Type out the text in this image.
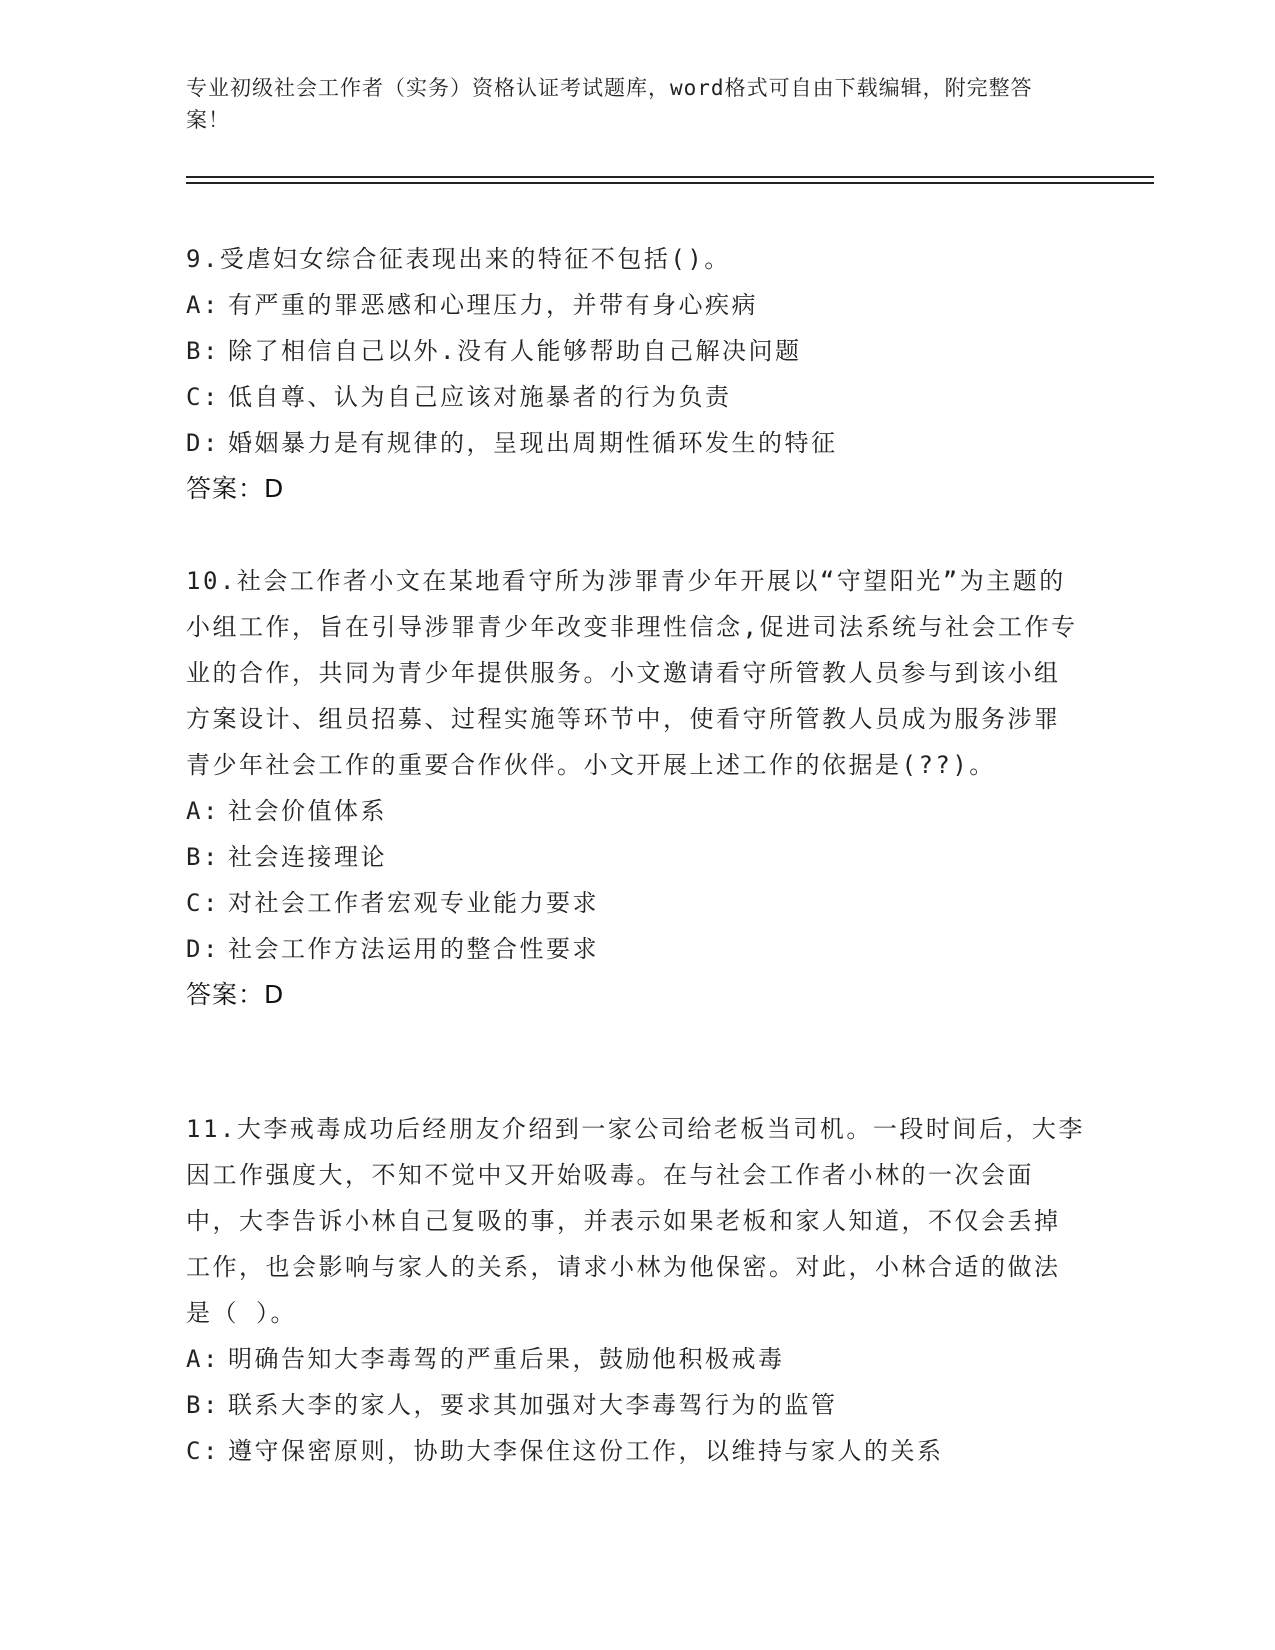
专业初级社会工作者（实务）资格认证考试题库，word格式可自由下载编辑，附完整答案！

9.受虐妇女综合征表现出来的特征不包括()。

A: 有严重的罪恶感和心理压力，并带有身心疾病

B: 除了相信自己以外.没有人能够帮助自己解决问题

C: 低自尊、认为自己应该对施暴者的行为负责

D: 婚姻暴力是有规律的，呈现出周期性循环发生的特征

答案：D

10.社会工作者小文在某地看守所为涉罪青少年开展以“守望阳光”为主题的小组工作，旨在引导涉罪青少年改变非理性信念,促进司法系统与社会工作专业的合作，共同为青少年提供服务。小文邀请看守所管教人员参与到该小组方案设计、组员招募、过程实施等环节中，使看守所管教人员成为服务涉罪青少年社会工作的重要合作伙伴。小文开展上述工作的依据是(??)。

A: 社会价值体系

B: 社会连接理论

C: 对社会工作者宏观专业能力要求

D: 社会工作方法运用的整合性要求

答案：D

11.大李戒毒成功后经朋友介绍到一家公司给老板当司机。一段时间后，大李因工作强度大，不知不觉中又开始吸毒。在与社会工作者小林的一次会面中，大李告诉小林自己复吸的事，并表示如果老板和家人知道，不仅会丢掉工作，也会影响与家人的关系，请求小林为他保密。对此，小林合适的做法是（ ）。

A: 明确告知大李毒驾的严重后果，鼓励他积极戒毒

B: 联系大李的家人，要求其加强对大李毒驾行为的监管

C: 遵守保密原则，协助大李保住这份工作，以维持与家人的关系
